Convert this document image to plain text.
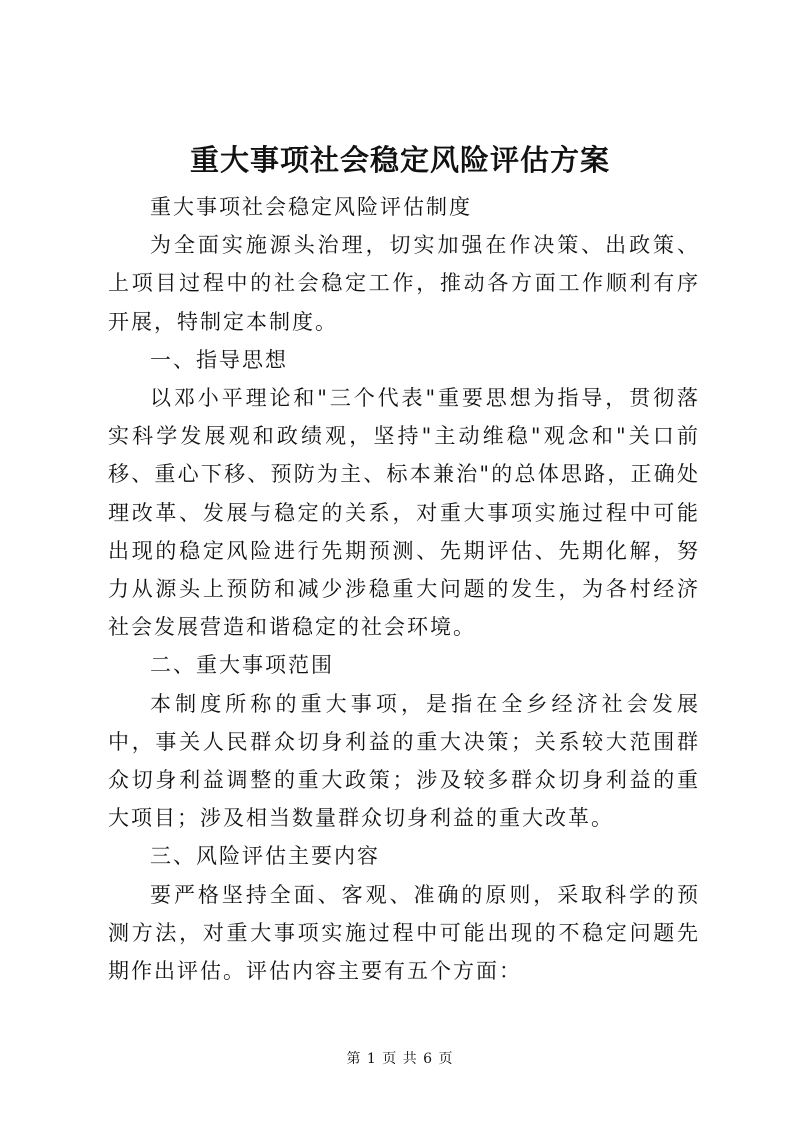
重大事项社会稳定风险评估方案

重大事项社会稳定风险评估制度

为全面实施源头治理，切实加强在作决策、出政策、上项目过程中的社会稳定工作，推动各方面工作顺利有序开展，特制定本制度。

一、指导思想

以邓小平理论和"三个代表"重要思想为指导，贯彻落实科学发展观和政绩观，坚持"主动维稳"观念和"关口前移、重心下移、预防为主、标本兼治"的总体思路，正确处理改革、发展与稳定的关系，对重大事项实施过程中可能出现的稳定风险进行先期预测、先期评估、先期化解，努力从源头上预防和减少涉稳重大问题的发生，为各村经济社会发展营造和谐稳定的社会环境。

二、重大事项范围

本制度所称的重大事项，是指在全乡经济社会发展中，事关人民群众切身利益的重大决策；关系较大范围群众切身利益调整的重大政策；涉及较多群众切身利益的重大项目；涉及相当数量群众切身利益的重大改革。

三、风险评估主要内容

要严格坚持全面、客观、准确的原则，采取科学的预测方法，对重大事项实施过程中可能出现的不稳定问题先期作出评估。评估内容主要有五个方面：

第 1 页 共 6 页
